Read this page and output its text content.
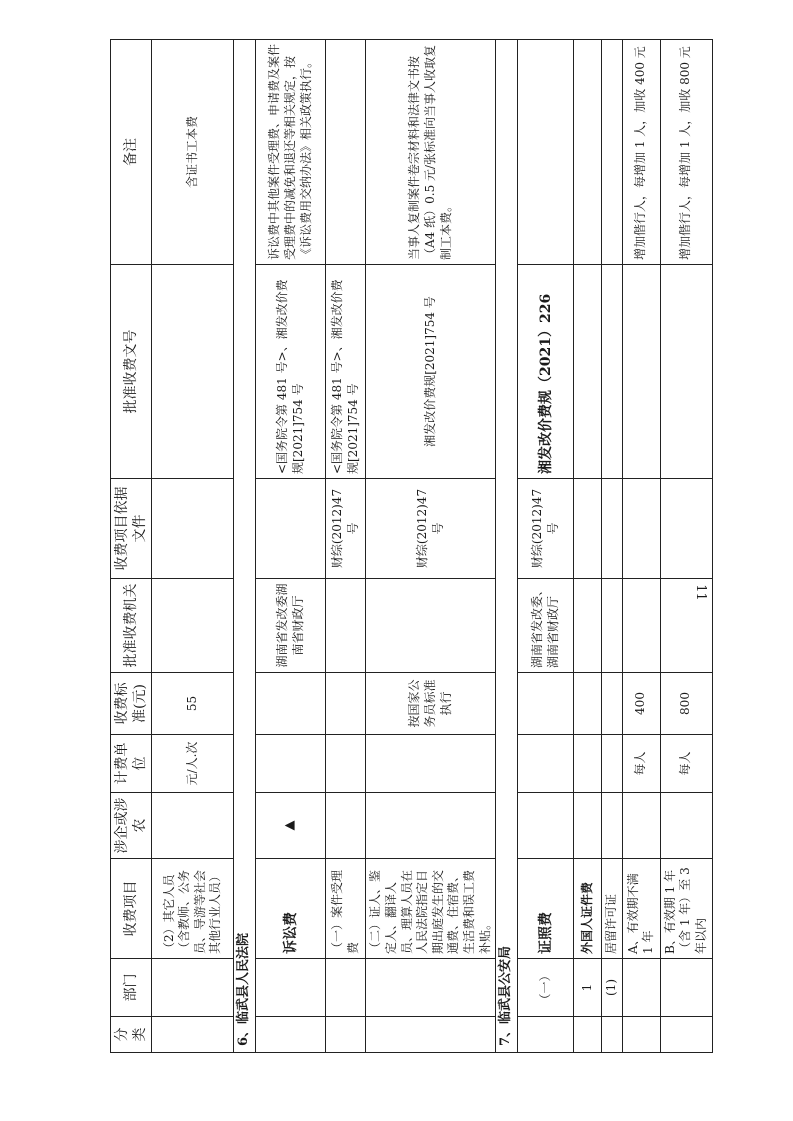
11
分类	部门	收费项目	涉企或涉农	计费单位	收费标准(元)	批准收费机关	收费项目依据文件	批准收费文号	备注
		（2）其它人员（含教师、公务员、导游等社会其他行业人员）		元/人.次	55				含证书工本费
6、临武县人民法院									
		诉讼费	▲			湖南省发改委湖南省财政厅		<国务院令第 481 号>、湘发改价费规[2021]754 号	诉讼费中其他案件受理费、申请费及案件受理费中的减免和退还等相关规定，按《诉讼费用交纳办法》相关政策执行。
		（一）案件受理费					财综(2012)47 号	<国务院令第 481 号>、湘发改价费规[2021]754 号	
		（二）证人、鉴定人、翻译人员、理算人员在人民法院指定日期出庭发生的交通费、住宿费、生活费和误工费补贴。			按国家公务员标准执行		财综(2012)47 号	湘发改价费规[2021]754 号	当事人复制案件卷宗材料和法律文书按（A4 纸）0.5 元/张标准向当事人收取复制工本费。
7、临武县公安局									
	（一）	证照费				湖南省发改委、湖南省财政厅	财综(2012)47 号	湘发改价费规（2021）226	
	1	外国人证件费							
	(1)	居留许可证							
		A、有效期不满 1 年		每人	400				增加偕行人，每增加 1 人，加收 400 元
		B、有效期 1 年（含 1 年）至 3 年以内		每人	800				增加偕行人，每增加 1 人，加收 800 元
